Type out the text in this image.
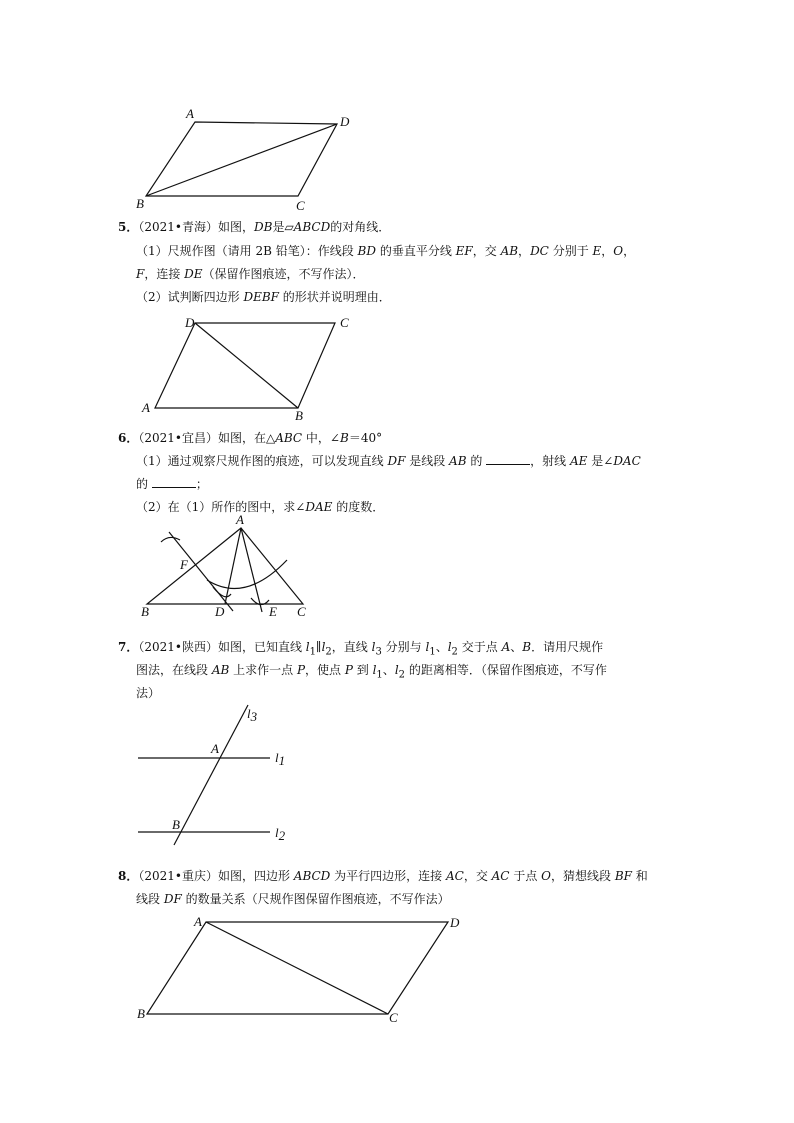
A
D
B	C
5．（2021•青海）如图，DB是▱ABCD的对角线．
（1）尺规作图（请用 2B 铅笔）：作线段 BD 的垂直平分线 EF，交 AB，DC 分别于 E，O，
F，连接 DE（保留作图痕迹，不写作法）．
（2）试判断四边形 DEBF 的形状并说明理由．
D	C
A
B
6．（2021•宜昌）如图，在△ABC 中，∠B＝40°
（1）通过观察尺规作图的痕迹，可以发现直线 DF 是线段 AB 的	，射线 AE 是∠DAC
的	；
（2）在（1）所作的图中，求∠DAE 的度数．
A
F
B	D	E C
7．（2021•陕西）如图，已知直线 $l_1\parallel l_2$，直线 $l_3$ 分别与 $l_1$、$l_2$ 交于点 A、B．请用尺规作
图法，在线段 AB 上求作一点 P，使点 P 到 $l_1$、$l_2$ 的距离相等．（保留作图痕迹，不写作
法）
l3
l1
l2
A
B
8．（2021•重庆）如图，四边形 ABCD 为平行四边形，连接 AC，交 AC 于点 O，猜想线段 BF 和
线段 DF 的数量关系（尺规作图保留作图痕迹，不写作法）
A	D
B	C
